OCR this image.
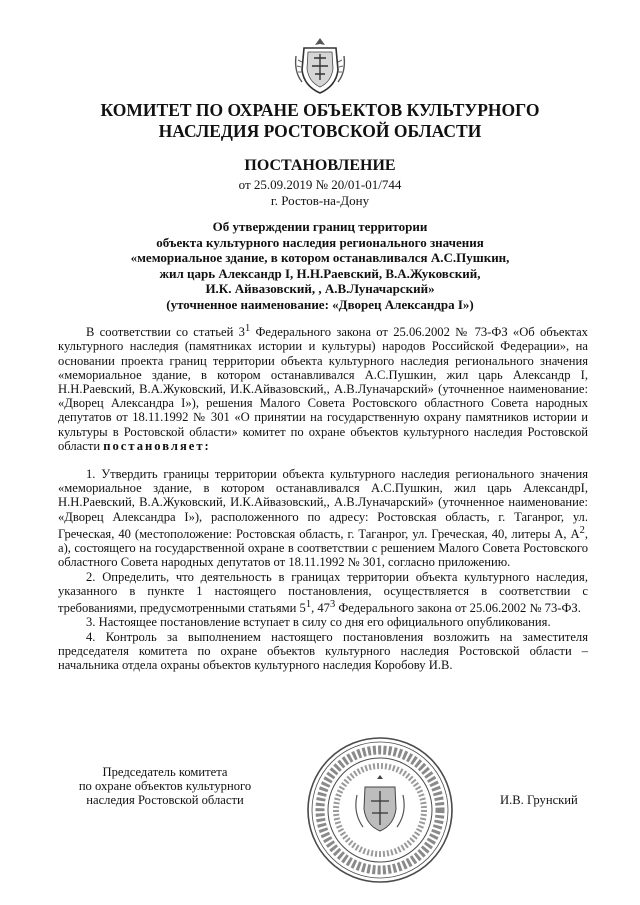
КОМИТЕТ ПО ОХРАНЕ ОБЪЕКТОВ КУЛЬТУРНОГО
НАСЛЕДИЯ РОСТОВСКОЙ ОБЛАСТИ
ПОСТАНОВЛЕНИЕ
от 25.09.2019 № 20/01-01/744
г. Ростов-на-Дону
Об утверждении границ территории
объекта культурного наследия регионального значения
«мемориальное здание, в котором останавливался А.С.Пушкин,
жил царь Александр I, Н.Н.Раевский, В.А.Жуковский,
И.К. Айвазовский, , А.В.Луначарский»
(уточненное наименование: «Дворец Александра I»)

В соответствии со статьей $3^1$ Федерального закона от 25.06.2002 № 73-ФЗ «Об объектах культурного наследия (памятниках истории и культуры) народов Российской Федерации», на основании проекта границ территории объекта культурного наследия регионального значения «мемориальное здание, в котором останавливался А.С.Пушкин, жил царь Александр I, Н.Н.Раевский, В.А.Жуковский, И.К.Айвазовский,, А.В.Луначарский» (уточненное наименование: «Дворец Александра I»), решения Малого Совета Ростовского областного Совета народных депутатов от 18.11.1992 № 301 «О принятии на государственную охрану памятников истории и культуры в Ростовской области» комитет по охране объектов культурного наследия Ростовской области постановляет:

1. Утвердить границы территории объекта культурного наследия регионального значения «мемориальное здание, в котором останавливался А.С.Пушкин, жил царь АлександрI, Н.Н.Раевский, В.А.Жуковский, И.К.Айвазовский,, А.В.Луначарский» (уточненное наименование: «Дворец Александра I»), расположенного по адресу: Ростовская область, г. Таганрог, ул. Греческая, 40 (местоположение: Ростовская область, г. Таганрог, ул. Греческая, 40, литеры А, $А^2$, а), состоящего на государственной охране в соответствии с решением Малого Совета Ростовского областного Совета народных депутатов от 18.11.1992 № 301, согласно приложению.

2. Определить, что деятельность в границах территории объекта культурного наследия, указанного в пункте 1 настоящего постановления, осуществляется в соответствии с требованиями, предусмотренными статьями $5^1$, $47^3$ Федерального закона от 25.06.2002 № 73-ФЗ.

3. Настоящее постановление вступает в силу со дня его официального опубликования.

4. Контроль за выполнением настоящего постановления возложить на заместителя председателя комитета по охране объектов культурного наследия Ростовской области – начальника отдела охраны объектов культурного наследия Коробову И.В.

Председатель комитета
по охране объектов культурного
наследия Ростовской области	И.В. Грунский
